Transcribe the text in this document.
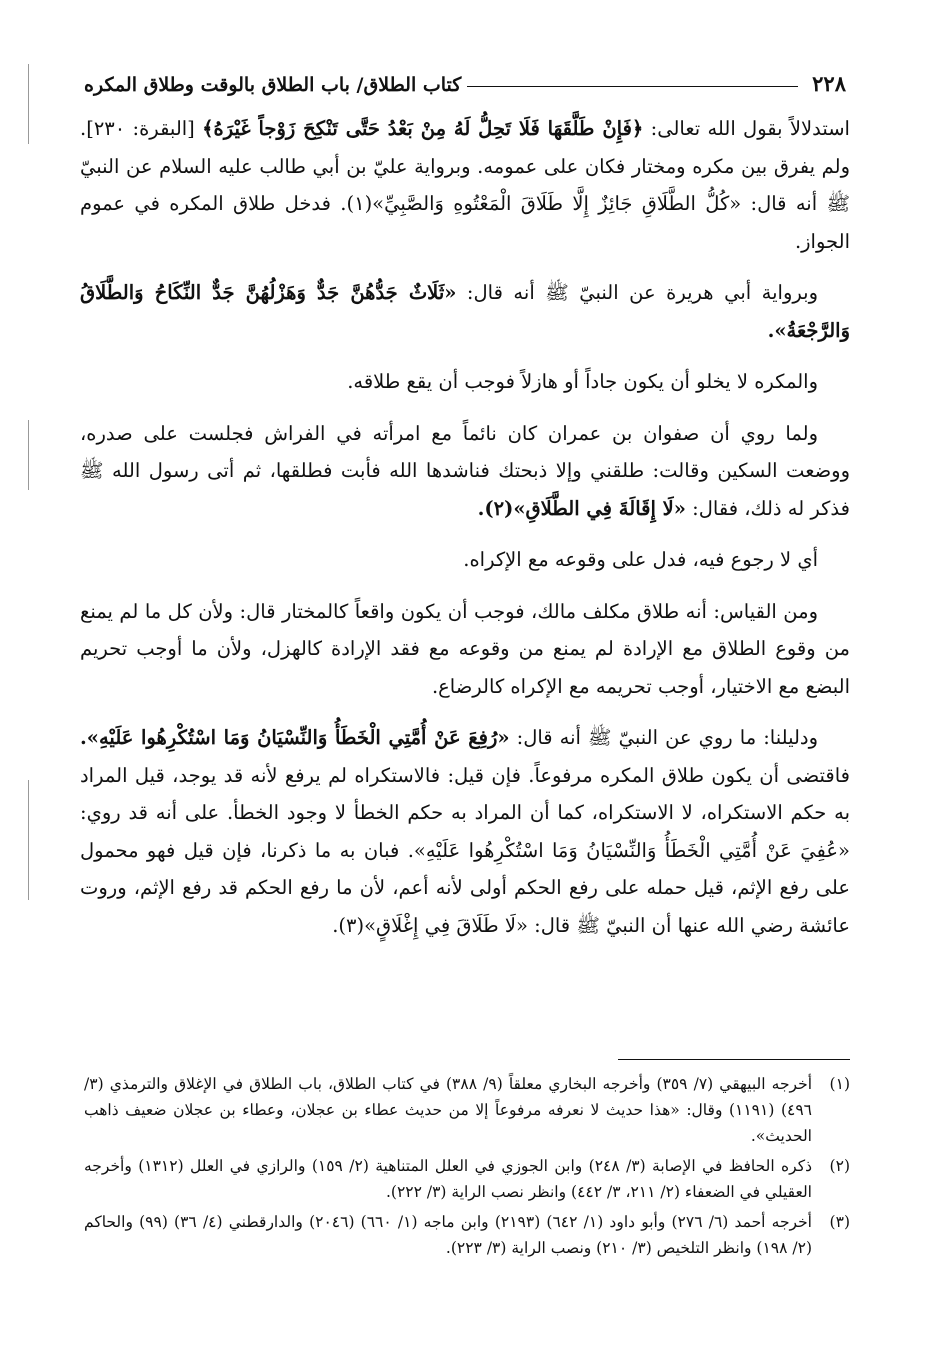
٢٢٨
كتاب الطلاق/ باب الطلاق بالوقت وطلاق المكره

استدلالاً بقول الله تعالى: ﴿فَإِنْ طَلَّقَهَا فَلَا تَحِلُّ لَهُ مِنْ بَعْدُ حَتَّى تَنْكِحَ زَوْجاً غَيْرَهُ﴾ [البقرة: ٢٣٠]. ولم يفرق بين مكره ومختار فكان على عمومه. وبرواية عليّ بن أبي طالب عليه السلام عن النبيّ ﷺ أنه قال: «كُلُّ الطَّلَاقِ جَائِزٌ إِلَّا طَلَاقَ الْمَعْتُوهِ وَالصَّبِيِّ»(١). فدخل طلاق المكره في عموم الجواز.

وبرواية أبي هريرة عن النبيّ ﷺ أنه قال: «ثَلَاثٌ جَدُّهُنَّ جَدٌّ وَهَزْلُهُنَّ جَدٌّ النِّكَاحُ وَالطَّلَاقُ وَالرَّجْعَةُ».

والمكره لا يخلو أن يكون جاداً أو هازلاً فوجب أن يقع طلاقه.

ولما روي أن صفوان بن عمران كان نائماً مع امرأته في الفراش فجلست على صدره، ووضعت السكين وقالت: طلقني وإلا ذبحتك فناشدها الله فأبت فطلقها، ثم أتى رسول الله ﷺ فذكر له ذلك، فقال: «لَا إِقَالَةَ فِي الطَّلَاقِ»(٢).

أي لا رجوع فيه، فدل على وقوعه مع الإكراه.

ومن القياس: أنه طلاق مكلف مالك، فوجب أن يكون واقعاً كالمختار قال: ولأن كل ما لم يمنع من وقوع الطلاق مع الإرادة لم يمنع من وقوعه مع فقد الإرادة كالهزل، ولأن ما أوجب تحريم البضع مع الاختيار، أوجب تحريمه مع الإكراه كالرضاع.

ودليلنا: ما روي عن النبيّ ﷺ أنه قال: «رُفِعَ عَنْ أُمَّتِي الْخَطَأُ وَالنِّسْيَانُ وَمَا اسْتُكْرِهُوا عَلَيْهِ». فاقتضى أن يكون طلاق المكره مرفوعاً. فإن قيل: فالاستكراه لم يرفع لأنه قد يوجد، قيل المراد به حكم الاستكراه، لا الاستكراه، كما أن المراد به حكم الخطأ لا وجود الخطأ. على أنه قد روي: «عُفِيَ عَنْ أُمَّتِي الْخَطَأُ وَالنِّسْيَانُ وَمَا اسْتُكْرِهُوا عَلَيْهِ». فبان به ما ذكرنا، فإن قيل فهو محمول على رفع الإثم، قيل حمله على رفع الحكم أولى لأنه أعم، لأن ما رفع الحكم قد رفع الإثم، وروت عائشة رضي الله عنها أن النبيّ ﷺ قال: «لَا طَلَاقَ فِي إِغْلَاقٍ»(٣).

(١)
أخرجه البيهقي (٧/ ٣٥٩) وأخرجه البخاري معلقاً (٩/ ٣٨٨) في كتاب الطلاق، باب الطلاق في الإغلاق والترمذي (٣/ ٤٩٦) (١١٩١) وقال: «هذا حديث لا نعرفه مرفوعاً إلا من حديث عطاء بن عجلان، وعطاء بن عجلان ضعيف ذاهب الحديث».
(٢)
ذكره الحافظ في الإصابة (٣/ ٢٤٨) وابن الجوزي في العلل المتناهية (٢/ ١٥٩) والرازي في العلل (١٣١٢) وأخرجه العقيلي في الضعفاء (٢/ ٢١١، ٣/ ٤٤٢) وانظر نصب الراية (٣/ ٢٢٢).
(٣)
أخرجه أحمد (٦/ ٢٧٦) وأبو داود (١/ ٦٤٢) (٢١٩٣) وابن ماجه (١/ ٦٦٠) (٢٠٤٦) والدارقطني (٤/ ٣٦) (٩٩) والحاكم (٢/ ١٩٨) وانظر التلخيص (٣/ ٢١٠) ونصب الراية (٣/ ٢٢٣).
